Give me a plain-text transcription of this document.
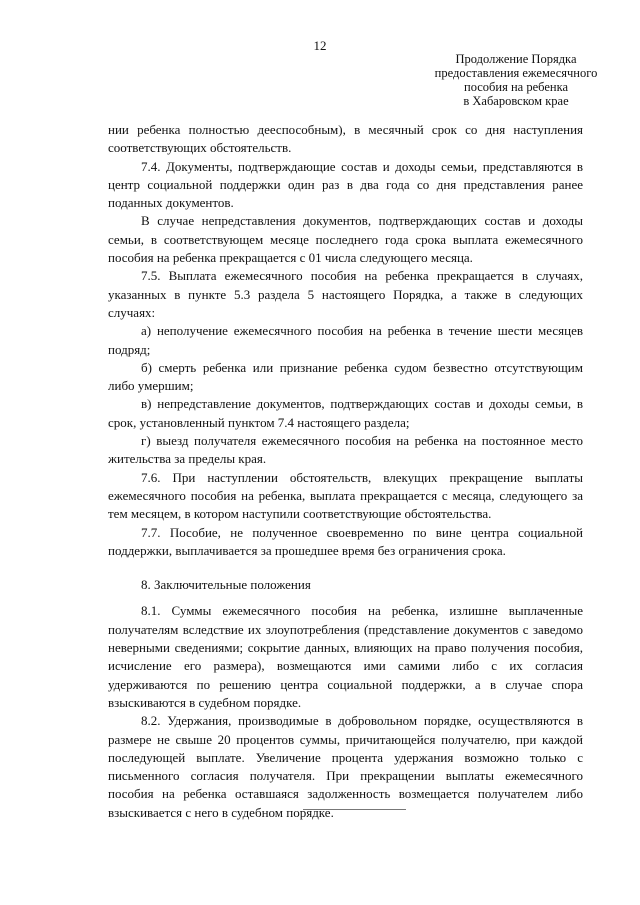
12
Продолжение Порядка
предоставления ежемесячного
пособия на ребенка
в Хабаровском крае

нии ребенка полностью дееспособным), в месячный срок со дня наступления соответствующих обстоятельств.

7.4. Документы, подтверждающие состав и доходы семьи, представляются в центр социальной поддержки один раз в два года со дня представления ранее поданных документов.

В случае непредставления документов, подтверждающих состав и доходы семьи, в соответствующем месяце последнего года срока выплата ежемесячного пособия на ребенка прекращается с 01 числа следующего месяца.

7.5. Выплата ежемесячного пособия на ребенка прекращается в случаях, указанных в пункте 5.3 раздела 5 настоящего Порядка, а также в следующих случаях:

а) неполучение ежемесячного пособия на ребенка в течение шести месяцев подряд;

б) смерть ребенка или признание ребенка судом безвестно отсутствующим либо умершим;

в) непредставление документов, подтверждающих состав и доходы семьи, в срок, установленный пунктом 7.4 настоящего раздела;

г) выезд получателя ежемесячного пособия на ребенка на постоянное место жительства за пределы края.

7.6. При наступлении обстоятельств, влекущих прекращение выплаты ежемесячного пособия на ребенка, выплата прекращается с месяца, следующего за тем месяцем, в котором наступили соответствующие обстоятельства.

7.7. Пособие, не полученное своевременно по вине центра социальной поддержки, выплачивается за прошедшее время без ограничения срока.

8. Заключительные положения

8.1. Суммы ежемесячного пособия на ребенка, излишне выплаченные получателям вследствие их злоупотребления (представление документов с заведомо неверными сведениями; сокрытие данных, влияющих на право получения пособия, исчисление его размера), возмещаются ими самими либо с их согласия удерживаются по решению центра социальной поддержки, а в случае спора взыскиваются в судебном порядке.

8.2. Удержания, производимые в добровольном порядке, осуществляются в размере не свыше 20 процентов суммы, причитающейся получателю, при каждой последующей выплате. Увеличение процента удержания возможно только с письменного согласия получателя. При прекращении выплаты ежемесячного пособия на ребенка оставшаяся задолженность возмещается получателем либо взыскивается с него в судебном порядке.
